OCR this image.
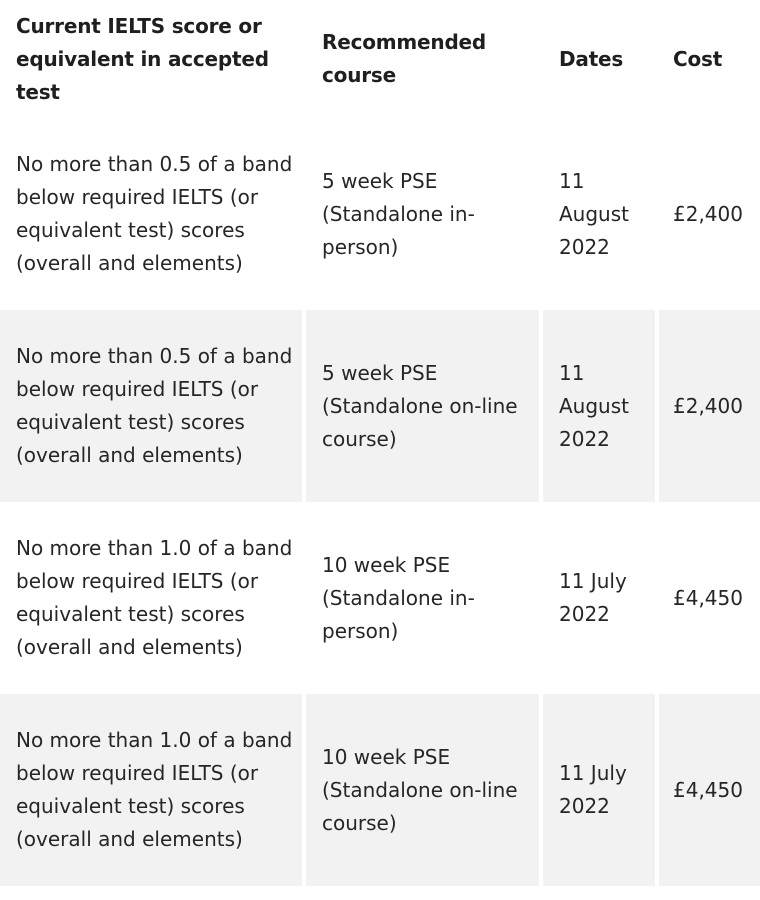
Current IELTS score or equivalent in accepted test	Recommended course	Dates	Cost
No more than 0.5 of a band below required IELTS (or equivalent test) scores (overall and elements)	5 week PSE (Standalone in-person)	11 August 2022	£2,400
No more than 0.5 of a band below required IELTS (or equivalent test) scores (overall and elements)	5 week PSE (Standalone on-line course)	11 August 2022	£2,400
No more than 1.0 of a band below required IELTS (or equivalent test) scores (overall and elements)	10 week PSE (Standalone in-person)	11 July 2022	£4,450
No more than 1.0 of a band below required IELTS (or equivalent test) scores (overall and elements)	10 week PSE (Standalone on-line course)	11 July 2022	£4,450
